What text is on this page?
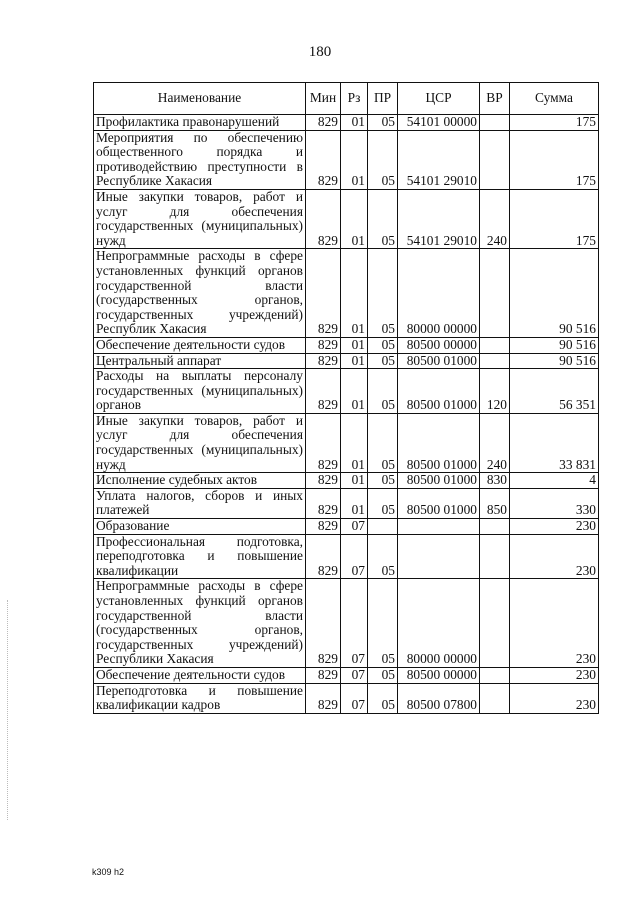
180
Наименование	Мин	Рз	ПР	ЦСР	ВР	Сумма
Профилактика правонарушений	829	01	05	54101 00000		175
Мероприятия по обеспечению общественного порядка и противодействию преступности в Республике Хакасия	829	01	05	54101 29010		175
Иные закупки товаров, работ и услуг для обеспечения государственных (муниципальных) нужд	829	01	05	54101 29010	240	175
Непрограммные расходы в сфере установленных функций органов государственной власти (государственных органов, государственных учреждений) Республик Хакасия	829	01	05	80000 00000		90 516
Обеспечение деятельности судов	829	01	05	80500 00000		90 516
Центральный аппарат	829	01	05	80500 01000		90 516
Расходы на выплаты персоналу государственных (муниципальных) органов	829	01	05	80500 01000	120	56 351
Иные закупки товаров, работ и услуг для обеспечения государственных (муниципальных) нужд	829	01	05	80500 01000	240	33 831
Исполнение судебных актов	829	01	05	80500 01000	830	4
Уплата налогов, сборов и иных платежей	829	01	05	80500 01000	850	330
Образование	829	07				230
Профессиональная подготовка, переподготовка и повышение квалификации	829	07	05			230
Непрограммные расходы в сфере установленных функций органов государственной власти (государственных органов, государственных учреждений) Республики Хакасия	829	07	05	80000 00000		230
Обеспечение деятельности судов	829	07	05	80500 00000		230
Переподготовка и повышение квалификации кадров	829	07	05	80500 07800		230
k309 h2
